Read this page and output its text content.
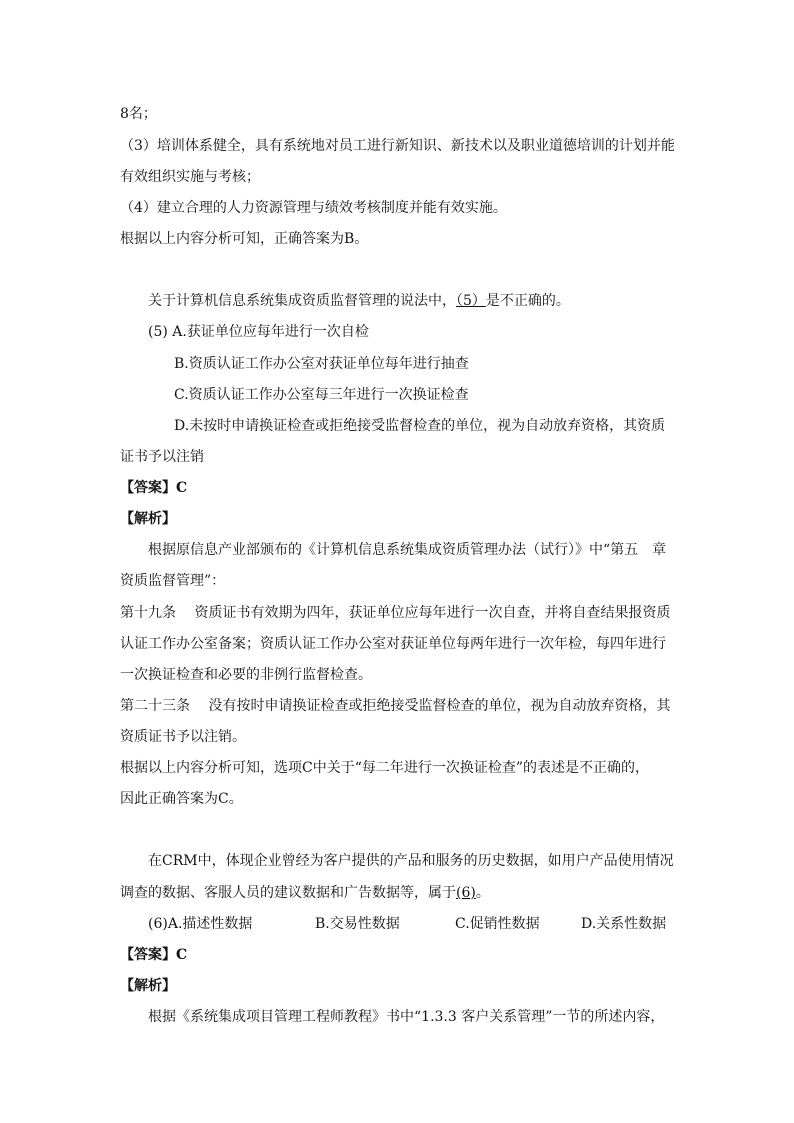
8名；

（3）培训体系健全，具有系统地对员工进行新知识、新技术以及职业道德培训的计划并能

有效组织实施与考核；

（4）建立合理的人力资源管理与绩效考核制度并能有效实施。

根据以上内容分析可知，正确答案为B。

关于计算机信息系统集成资质监督管理的说法中，（5）是不正确的。

(5) A.获证单位应每年进行一次自检

B.资质认证工作办公室对获证单位每年进行抽查

C.资质认证工作办公室每三年进行一次换证检查

D.未按时申请换证检查或拒绝接受监督检查的单位，视为自动放弃资格，其资质

证书予以注销

【答案】C

【解析】

根据原信息产业部颁布的《计算机信息系统集成资质管理办法（试行）》中“第五　章

资质监督管理”：

第十九条　 资质证书有效期为四年，获证单位应每年进行一次自查，并将自查结果报资质

认证工作办公室备案；资质认证工作办公室对获证单位每两年进行一次年检，每四年进行

一次换证检查和必要的非例行监督检查。

第二十三条　 没有按时申请换证检查或拒绝接受监督检查的单位，视为自动放弃资格，其

资质证书予以注销。

根据以上内容分析可知，选项C中关于“每二年进行一次换证检查”的表述是不正确的，

因此正确答案为C。

在CRM中，体现企业曾经为客户提供的产品和服务的历史数据，如用户产品使用情况

调查的数据、客服人员的建议数据和广告数据等，属于(6)。

(6)A.描述性数据	B.交易性数据	C.促销性数据	D.关系性数据

【答案】C

【解析】

根据《系统集成项目管理工程师教程》书中“1.3.3 客户关系管理”一节的所述内容，
